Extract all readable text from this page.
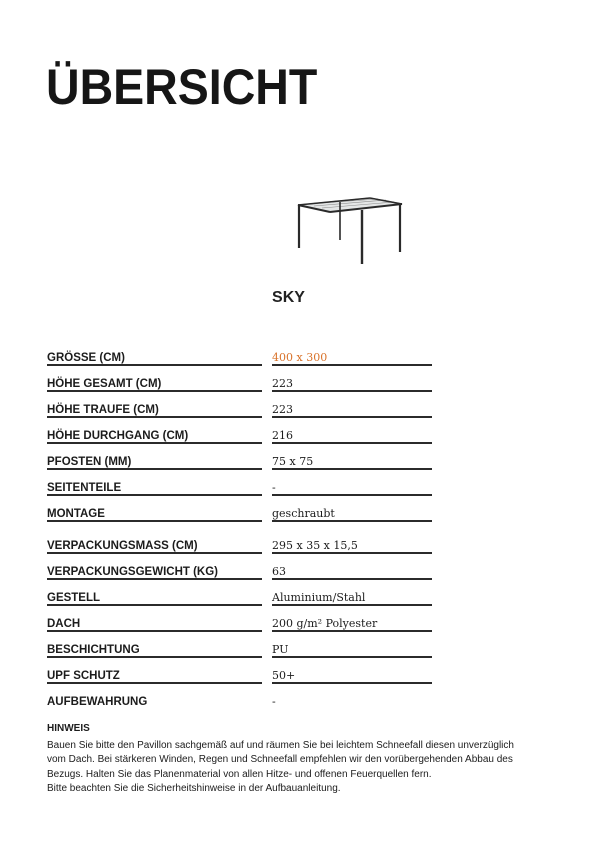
ÜBERSICHT
SKY
GRÖSSE (CM)	400 x 300
HÖHE GESAMT (CM)	223
HÖHE TRAUFE (CM)	223
HÖHE DURCHGANG (CM)	216
PFOSTEN (MM)	75 x 75
SEITENTEILE	-
MONTAGE	geschraubt
VERPACKUNGSMASS (CM)	295 x 35 x 15,5
VERPACKUNGSGEWICHT (KG)	63
GESTELL	Aluminium/Stahl
DACH	200 g/m² Polyester
BESCHICHTUNG	PU
UPF SCHUTZ	50+
AUFBEWAHRUNG	-
HINWEIS
Bauen Sie bitte den Pavillon sachgemäß auf und räumen Sie bei leichtem Schneefall diesen unverzüglich
vom Dach. Bei stärkeren Winden, Regen und Schneefall empfehlen wir den vorübergehenden Abbau des
Bezugs. Halten Sie das Planenmaterial von allen Hitze- und offenen Feuerquellen fern.
Bitte beachten Sie die Sicherheitshinweise in der Aufbauanleitung.
